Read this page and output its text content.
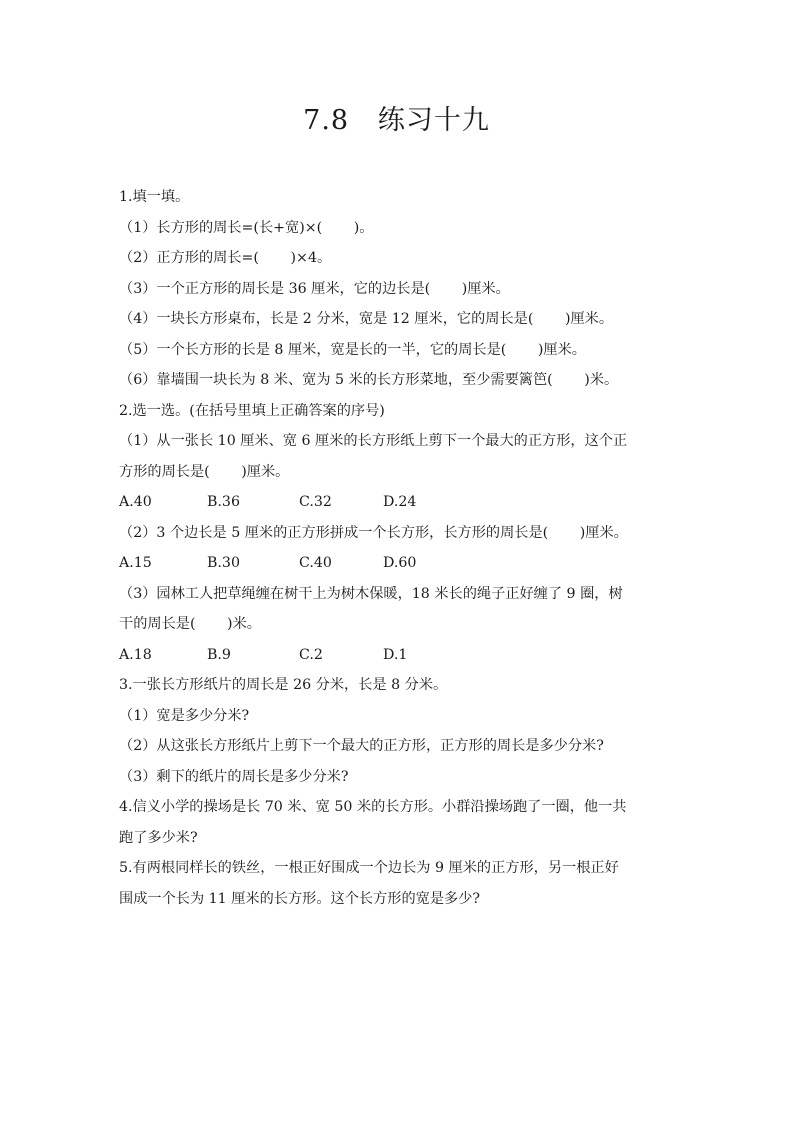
7.8   练习十九
1.填一填。
（1）长方形的周长=(长+宽)×(       )。
（2）正方形的周长=(       )×4。
（3）一个正方形的周长是 36 厘米，它的边长是(       )厘米。
（4）一块长方形桌布，长是 2 分米，宽是 12 厘米，它的周长是(       )厘米。
（5）一个长方形的长是 8 厘米，宽是长的一半，它的周长是(       )厘米。
（6）靠墙围一块长为 8 米、宽为 5 米的长方形菜地，至少需要篱笆(       )米。
2.选一选。(在括号里填上正确答案的序号)
（1）从一张长 10 厘米、宽 6 厘米的长方形纸上剪下一个最大的正方形，这个正
方形的周长是(       )厘米。
A.40	B.36	C.32	D.24
（2）3 个边长是 5 厘米的正方形拼成一个长方形，长方形的周长是(       )厘米。
A.15	B.30	C.40	D.60
（3）园林工人把草绳缠在树干上为树木保暖，18 米长的绳子正好缠了 9 圈，树
干的周长是(       )米。
A.18	B.9	C.2	D.1
3.一张长方形纸片的周长是 26 分米，长是 8 分米。
（1）宽是多少分米?
（2）从这张长方形纸片上剪下一个最大的正方形，正方形的周长是多少分米?
（3）剩下的纸片的周长是多少分米?
4.信义小学的操场是长 70 米、宽 50 米的长方形。小群沿操场跑了一圈，他一共
跑了多少米?
5.有两根同样长的铁丝，一根正好围成一个边长为 9 厘米的正方形，另一根正好
围成一个长为 11 厘米的长方形。这个长方形的宽是多少?
